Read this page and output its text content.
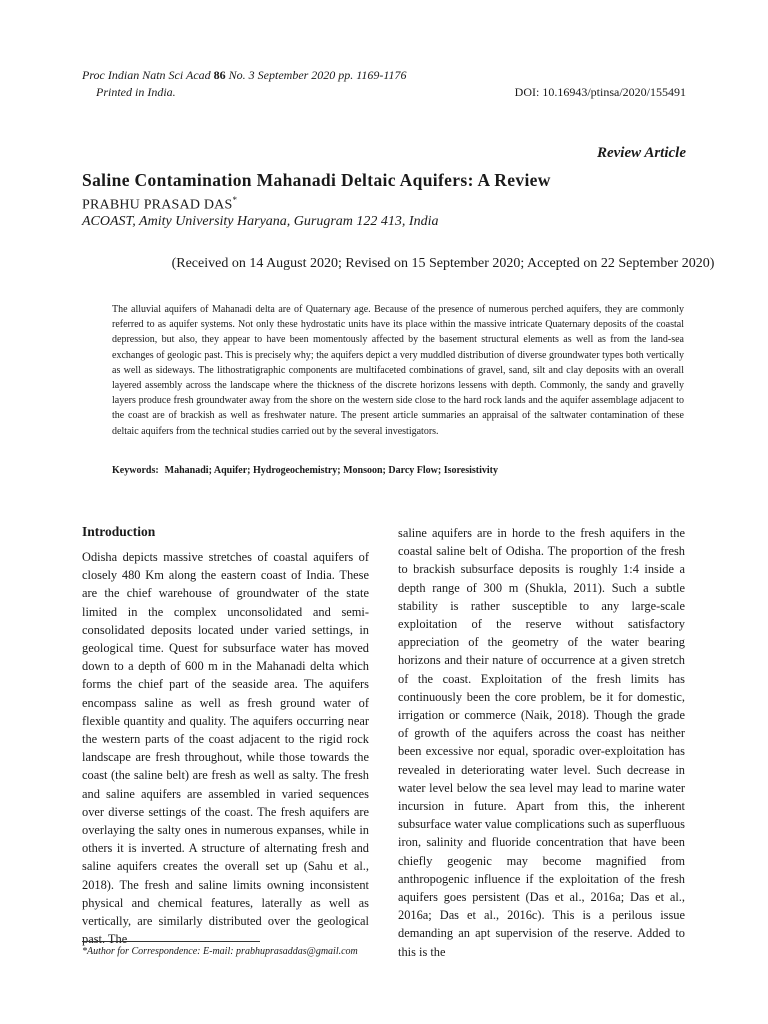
Proc Indian Natn Sci Acad 86 No. 3 September 2020 pp. 1169-1176
Printed in India.	DOI: 10.16943/ptinsa/2020/155491
Review Article
Saline Contamination Mahanadi Deltaic Aquifers: A Review
PRABHU PRASAD DAS*
ACOAST, Amity University Haryana, Gurugram 122 413, India
(Received on 14 August 2020; Revised on 15 September 2020; Accepted on 22 September 2020)

The alluvial aquifers of Mahanadi delta are of Quaternary age. Because of the presence of numerous perched aquifers, they are commonly referred to as aquifer systems. Not only these hydrostatic units have its place within the massive intricate Quaternary deposits of the coastal depression, but also, they appear to have been momentously affected by the basement structural elements as well as from the land-sea exchanges of geologic past. This is precisely why; the aquifers depict a very muddled distribution of diverse groundwater types both vertically as well as sideways. The lithostratigraphic components are multifaceted combinations of gravel, sand, silt and clay deposits with an overall layered assembly across the landscape where the thickness of the discrete horizons lessens with depth. Commonly, the sandy and gravelly layers produce fresh groundwater away from the shore on the western side close to the hard rock lands and the aquifer assemblage adjacent to the coast are of brackish as well as freshwater nature. The present article summaries an appraisal of the saltwater contamination of these deltaic aquifers from the technical studies carried out by the several investigators.

Keywords: Mahanadi; Aquifer; Hydrogeochemistry; Monsoon; Darcy Flow; Isoresistivity
Introduction
Odisha depicts massive stretches of coastal aquifers of closely 480 Km along the eastern coast of India. These are the chief warehouse of groundwater of the state limited in the complex unconsolidated and semi-consolidated deposits located under varied settings, in geological time. Quest for subsurface water has moved down to a depth of 600 m in the Mahanadi delta which forms the chief part of the seaside area. The aquifers encompass saline as well as fresh ground water of flexible quantity and quality. The aquifers occurring near the western parts of the coast adjacent to the rigid rock landscape are fresh throughout, while those towards the coast (the saline belt) are fresh as well as salty. The fresh and saline aquifers are assembled in varied sequences over diverse settings of the coast. The fresh aquifers are overlaying the salty ones in numerous expanses, while in others it is inverted. A structure of alternating fresh and saline aquifers creates the overall set up (Sahu et al., 2018). The fresh and saline limits owning inconsistent physical and chemical features, laterally as well as vertically, are similarly distributed over the geological past. The
saline aquifers are in horde to the fresh aquifers in the coastal saline belt of Odisha. The proportion of the fresh to brackish subsurface deposits is roughly 1:4 inside a depth range of 300 m (Shukla, 2011). Such a subtle stability is rather susceptible to any large-scale exploitation of the reserve without satisfactory appreciation of the geometry of the water bearing horizons and their nature of occurrence at a given stretch of the coast. Exploitation of the fresh limits has continuously been the core problem, be it for domestic, irrigation or commerce (Naik, 2018). Though the grade of growth of the aquifers across the coast has neither been excessive nor equal, sporadic over-exploitation has revealed in deteriorating water level. Such decrease in water level below the sea level may lead to marine water incursion in future. Apart from this, the inherent subsurface water value complications such as superfluous iron, salinity and fluoride concentration that have been chiefly geogenic may become magnified from anthropogenic influence if the exploitation of the fresh aquifers goes persistent (Das et al., 2016a; Das et al., 2016a; Das et al., 2016c). This is a perilous issue demanding an apt supervision of the reserve. Added to this is the
*Author for Correspondence: E-mail: prabhuprasaddas@gmail.com
